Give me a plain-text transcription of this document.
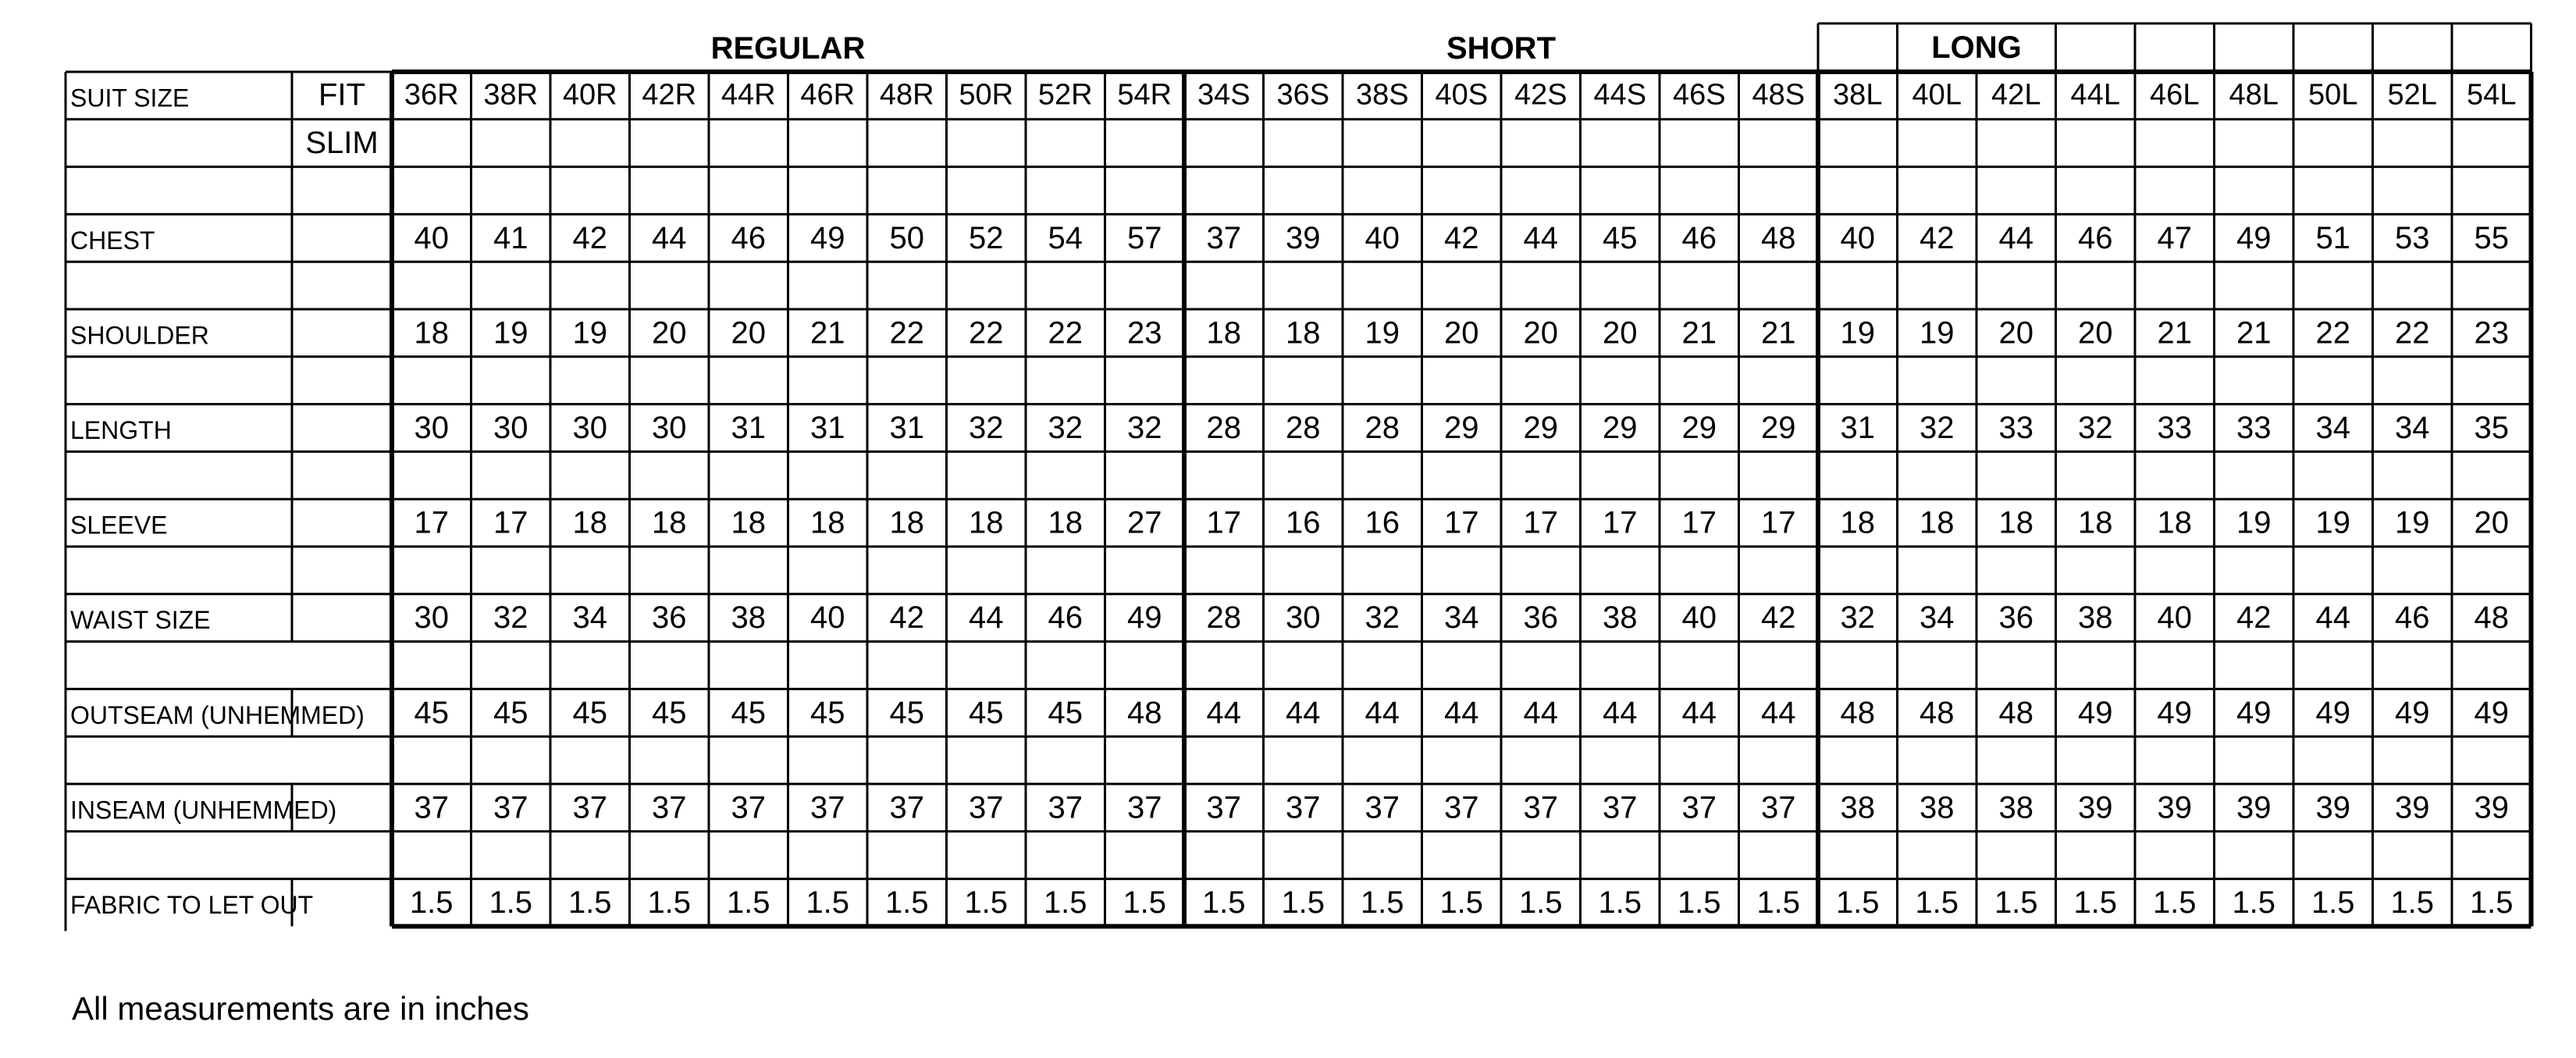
REGULAR	SHORT	LONG
SUIT SIZE	FIT 36R 38R 40R 42R 44R 46R 48R 50R 52R 54R 34S 36S 38S 40S 42S 44S 46S 48S 38L 40L 42L 44L 46L 48L 50L 52L 54L
SLIM
CHEST	40 41 42 44 46 49 50 52 54 57 37 39 40 42 44 45 46 48 40 42 44 46 47 49 51 53 55
SHOULDER	18 19 19 20 20 21 22 22 22 23 18 18 19 20 20 20 21 21 19 19 20 20 21 21 22 22 23
LENGTH	30 30 30 30 31 31 31 32 32 32 28 28 28 29 29 29 29 29 31 32 33 32 33 33 34 34 35
SLEEVE	17 17 18 18 18 18 18 18 18 27 17 16 16 17 17 17 17 17 18 18 18 18 18 19 19 19 20
WAIST SIZE	30 32 34 36 38 40 42 44 46 49 28 30 32 34 36 38 40 42 32 34 36 38 40 42 44 46 48
OUTSEAM (UNHEMMED) 45 45 45 45 45 45 45 45 45 48 44 44 44 44 44 44 44 44 48 48 48 49 49 49 49 49 49
INSEAM (UNHEMMED) 37 37 37 37 37 37 37 37 37 37 37 37 37 37 37 37 37 37 38 38 38 39 39 39 39 39 39
FABRIC TO LET OUT	1.5 1.5 1.5 1.5 1.5 1.5 1.5 1.5 1.5 1.5 1.5 1.5 1.5 1.5 1.5 1.5 1.5 1.5 1.5 1.5 1.5 1.5 1.5 1.5 1.5 1.5 1.5
All measurements are in inches
